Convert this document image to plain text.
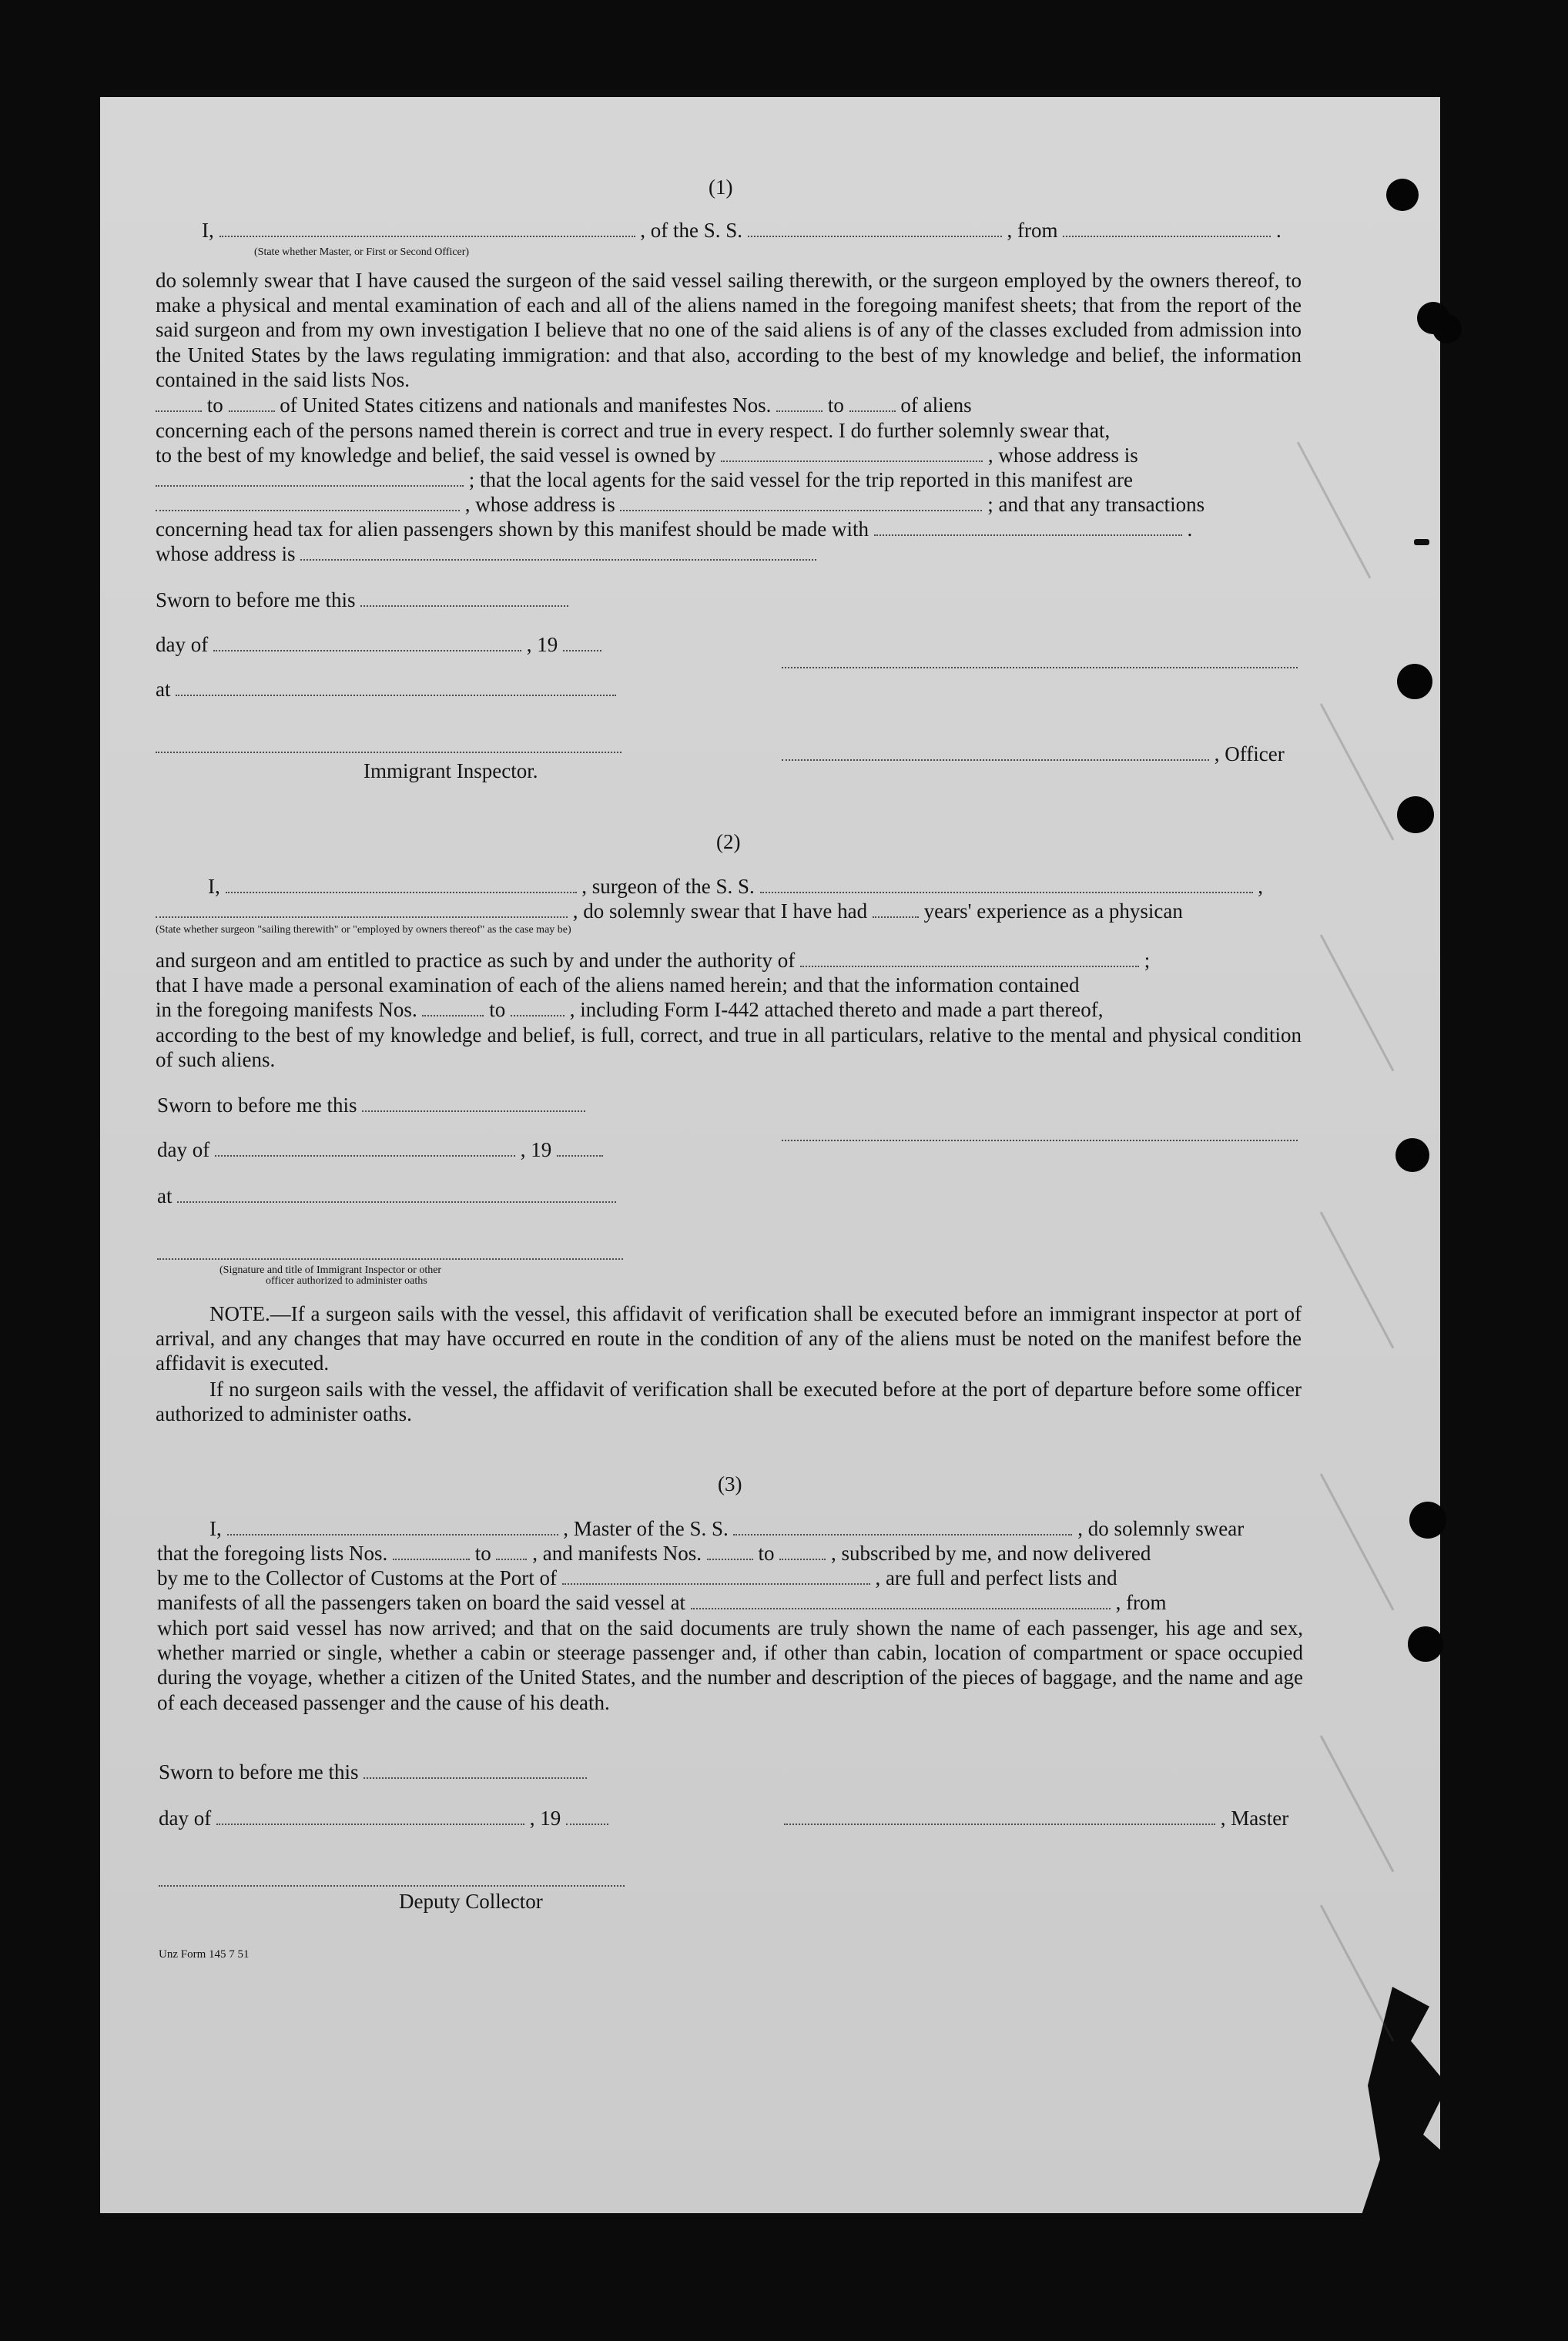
(1)
I,	, of the S. S.	, from	.
(State whether Master, or First or Second Officer)
do solemnly swear that I have caused the surgeon of the said vessel sailing therewith, or the surgeon employed by the owners thereof, to make a physical and mental examination of each and all of the aliens named in the foregoing manifest sheets; that from the report of the said surgeon and from my own investigation I believe that no one of the said aliens is of any of the classes excluded from admission into the United States by the laws regulating immigration: and that also, according to the best of my knowledge and belief, the information contained in the said lists Nos.
to	of United States citizens and nationals and manifestes Nos.	to	of aliens
concerning each of the persons named therein is correct and true in every respect. I do further solemnly swear that,
to the best of my knowledge and belief, the said vessel is owned by	, whose address is
; that the local agents for the said vessel for the trip reported in this manifest are
, whose address is	; and that any transactions
concerning head tax for alien passengers shown by this manifest should be made with	.
whose address is
Sworn to before me this
day of	, 19
at
, Officer
Immigrant Inspector.
(2)
I,	, surgeon of the S. S.	,
, do solemnly swear that I have had	years' experience as a physican
(State whether surgeon "sailing therewith" or "employed by owners thereof" as the case may be)
and surgeon and am entitled to practice as such by and under the authority of	;
that I have made a personal examination of each of the aliens named herein; and that the information contained
in the foregoing manifests Nos.	to	, including Form I-442 attached thereto and made a part thereof,
according to the best of my knowledge and belief, is full, correct, and true in all particulars, relative to the mental and physical condition of such aliens.
Sworn to before me this
day of	, 19
at
(Signature and title of Immigrant Inspector or other
officer authorized to administer oaths
NOTE.—If a surgeon sails with the vessel, this affidavit of verification shall be executed before an immigrant inspector at port of arrival, and any changes that may have occurred en route in the condition of any of the aliens must be noted on the manifest before the affidavit is executed.
If no surgeon sails with the vessel, the affidavit of verification shall be executed before at the port of departure before some officer authorized to administer oaths.
(3)
I,	, Master of the S. S.	, do solemnly swear
that the foregoing lists Nos.	to , and manifests Nos.	to	, subscribed by me, and now delivered
by me to the Collector of Customs at the Port of	, are full and perfect lists and
manifests of all the passengers taken on board the said vessel at	, from
which port said vessel has now arrived; and that on the said documents are truly shown the name of each passenger, his age and sex, whether married or single, whether a cabin or steerage passenger and, if other than cabin, location of compartment or space occupied during the voyage, whether a citizen of the United States, and the number and description of the pieces of baggage, and the name and age of each deceased passenger and the cause of his death.
Sworn to before me this
day of	, 19	, Master
Deputy Collector
Unz Form 145 7 51
